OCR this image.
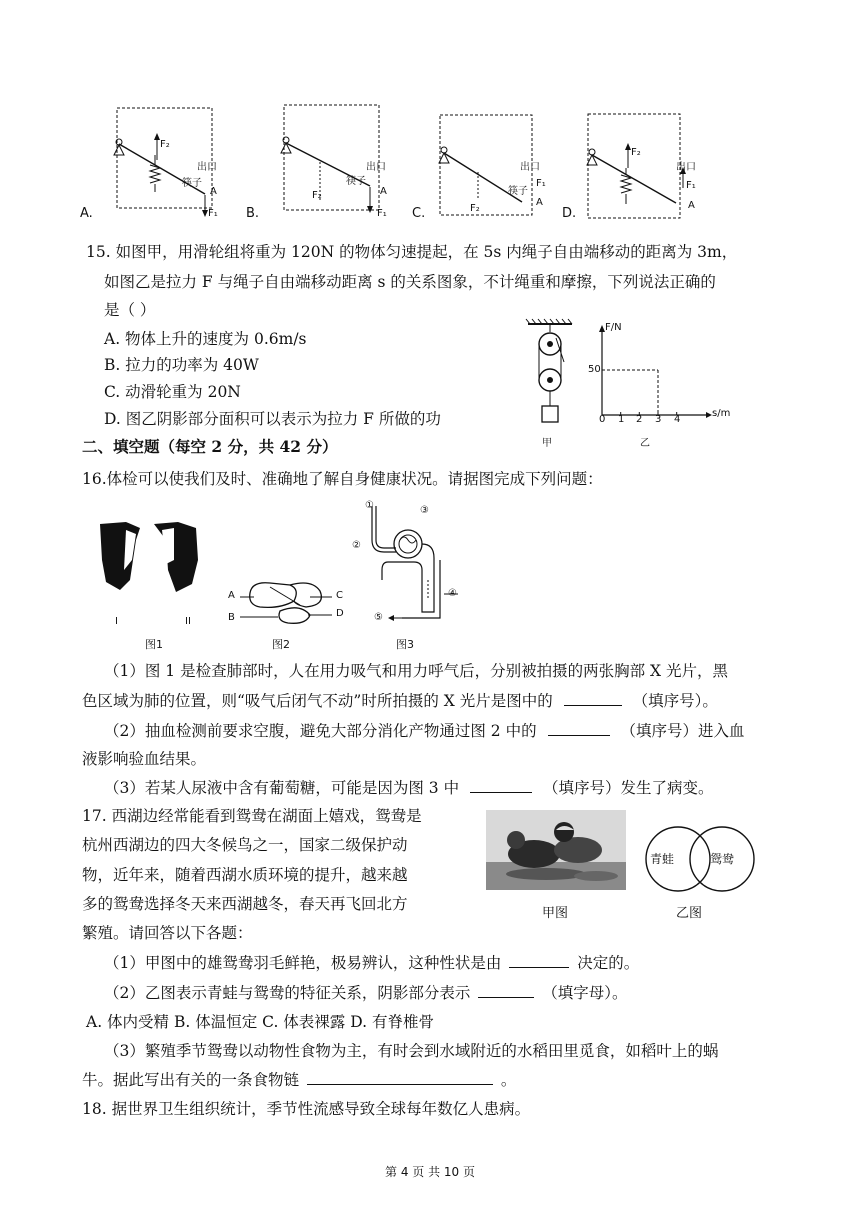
A.	B.	C.	D.
F₂
出口
筷子
A
F₁
F₂
出口
筷子
A
F₁
出口
筷子
F₁
A
F₂
F₂
出口
F₁
A
15. 如图甲，用滑轮组将重为 120N 的物体匀速提起，在 5s 内绳子自由端移动的距离为 3m，
如图乙是拉力 F 与绳子自由端移动距离 s 的关系图象，不计绳重和摩擦，下列说法正确的
是（ ）
A. 物体上升的速度为 0.6m/s
B. 拉力的功率为 40W
C. 动滑轮重为 20N
D. 图乙阴影部分面积可以表示为拉力 F 所做的功
甲
F/N
s/m
50
0 1 2 3 4
乙
二、填空题（每空 2 分，共 42 分）
16.体检可以使我们及时、准确地了解自身健康状况。请据图完成下列问题：
I	II
图1
A
B
C
D
图2
①
②
③
④
⑤
图3
（1）图 1 是检查肺部时，人在用力吸气和用力呼气后，分别被拍摄的两张胸部 X 光片，黑
色区域为肺的位置，则“吸气后闭气不动”时所拍摄的 X 光片是图中的	（填序号）。
（2）抽血检测前要求空腹，避免大部分消化产物通过图 2 中的	（填序号）进入血
液影响验血结果。
（3）若某人尿液中含有葡萄糖，可能是因为图 3 中	（填序号）发生了病变。
17. 西湖边经常能看到鸳鸯在湖面上嬉戏，鸳鸯是
杭州西湖边的四大冬候鸟之一，国家二级保护动
物，近年来，随着西湖水质环境的提升，越来越
多的鸳鸯选择冬天来西湖越冬，春天再飞回北方
繁殖。请回答以下各题：
甲图
青蛙	鸳鸯
乙图
（1）甲图中的雄鸳鸯羽毛鲜艳，极易辨认，这种性状是由	决定的。
（2）乙图表示青蛙与鸳鸯的特征关系，阴影部分表示	（填字母）。
A. 体内受精 B. 体温恒定 C. 体表裸露 D. 有脊椎骨
（3）繁殖季节鸳鸯以动物性食物为主，有时会到水域附近的水稻田里觅食，如稻叶上的蜗
牛。据此写出有关的一条食物链	。
18. 据世界卫生组织统计，季节性流感导致全球每年数亿人患病。
第 4 页 共 10 页
